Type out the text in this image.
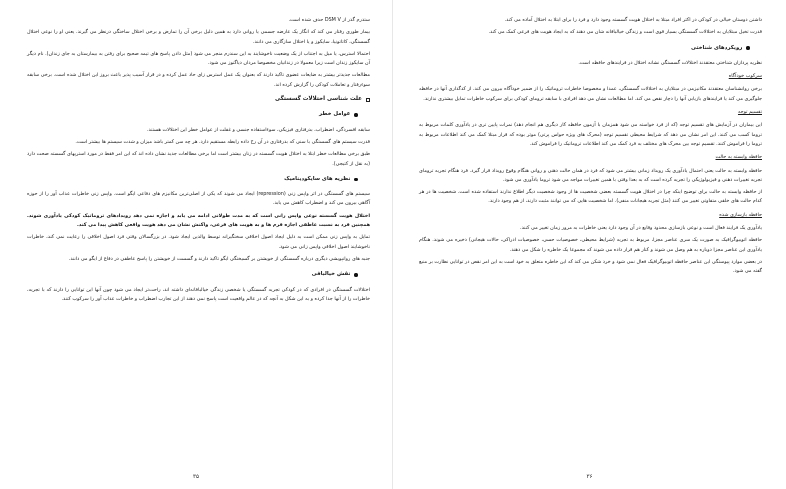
ستدرم گذر از DSM V حذف شده است.

بیمار طوری رفتار می کند که انگار یک عارضه جسمی یا روانی دارد به همین دلیل برخی آن را تمارض و برخی اختلال ساختگی درنظر می گیرند. یعنی او را نوعی اختلال گسستگی، کاتاتونیا، سایکوز و یا اختلال سازگاری می دانند.

احتمالا استرس، یا میل به اجتناب از یک وضعیت ناخوشایند به این سندرم منجر می شود (مثل دادن پاسخ های تیمه صحیح برای رفتن به بیمارستان به جای زندان). نام دیگر آن سایکوز زندان است زیرا معمولا در زندانیان مخصوصا مردان دیاگنوز می شود.

مطالعات جدیدتر بیشتر به ضایعات عضوی تاکید دارند که بعنوان یک عمل استرس زای حاد عمل کرده و در قرار آسیب پذیر باعث بروز این اختلال شده است. برخی سابقه سوءرفتار و تعاملات کودکی را گزارش کرده اند.

علت شناسی اختلالات گسستگی
عوامل خطر

سابقه افسردگی، اضطراب، بدرفتاری فیزیکی، سوءاستفاده جنسی و غفلت از عوامل خطر این اختلالات هستند.

قدرت سیستم های گسستگی با سنی که بدرفتاری در آن رخ داده رابطه مستقیم دارد. هر چه سن کمتر باشد میزان و شدت سیستم ها بیشتر است.

طبق برخی مطالعات خطر ابتلا به اختلال هویت گسسته در زنان بیشتر است اما برخی مطالعات جدید نشان داده اند که این امر فقط در مورد استرپهای گسسته صحت دارد (به نقل از کتیجی).

نظریه های سایکودینامیک

سیستم های گسستگی در اثر واپس زنی (repression) ایجاد می شوند که یکی از اصلی‌ترین مکانیزم های دفاعی ایگو است. واپس زنی خاطرات عذاب آور را از حوزه آگاهی بیرون می کند و اضطراب کاهش می یابد.

اختلال هویت گسسته نوعی واپس رانی است که به مدت طولانی ادامه می یابد و اجازه نمی دهد رویدادهای تروماتیک کودکی یادآوری شوند. همچنین فرد به نسبت عاطفی اجازه فرم ها و به هویت های فرعی، واکنش نشان می دهد هویت واقعی کاهش پیدا می کند.

تمایل به واپس زنی ممکن است به دلیل ایجاد اصول اخلاقی سختگیرانه توسط والدین ایجاد شود. در بزرگسالان وقتی فرد اصول اخلاقی را رعایت نمی کند، خاطرات ناخوشایند اصول اخلاقی واپس زانی می شود.

جنبه های روانپویشی دیگری درباره گسستگی از خویشتن بر گسیختگی ایگو تاکید دارند و گسست از خویشتن را پاسخ عاطفی در دفاع از ایگو می دانند.

نقش خیالبافی

اختلالات گسستگی در افرادی که در کودکی تجربه گسستگی یا شخصی زندگی خیالبافانه‌ای داشته اند، راحت‌تر ایجاد می شود چون آنها این توانایی را دارند که با تجربه، خاطرات را از آنها جدا کرده و به این شکل به آنچه که در عالم واقعیت است پاسخ نمی دهند از این تجارب اضطراب و خاطرات عذاب آور را سرکوب کنند.

۳۵

داشتن دوستان خیالی در کودکی در اکثر افراد مبتلا به اختلال هویت گسسته وجود دارد و فرد را برای ابتلا به اختلال آماده می کند.

قدرت تخیل مبتلایان به اختلالات گسستگی بسیار قوی است و زندگی خیالبافانه شان می دهند که به ایجاد هویت های فرعی کمک می کند.

رویکردهای شناختی

نظریه پردازان شناختی معتقدند اختلالات گسستگی نشانه اختلال در فرایندهای حافظه است.

سرکوب خودآگاه

برخی روانشناسان معتقدند مکانیزمی در مبتلایان به اختلالات گسستگی، عمدا و مخصوصا خاطرات تروماتیک را از ضمیر خودآگاه بیرون می کند. از کدگذاری آنها در حافظه جلوگیری می کند یا فرایندهای بازیابی آنها را دچار نقص می کند. اما مطالعات نشان می دهد افرادی با سابقه ترومای کودکی برای سرکوب خاطرات تمایل بیشتری ندارند.

تقسیم توجه

این بیماران در آزمایش های تقسیم توجه (که از فرد خواسته می شود همزمان با آزمون حافظه کار دیگری هم انجام دهد) نمرات پایین تری در یادآوری کلمات مربوط به تروما کسب می کنند. این امر نشان می دهد که شرایط محیطی تقسیم توجه (محرک های ویژه حواس پرتی) موثر بوده که قرار مبتلا کمک می کند اطلاعات مربوط به تروما را فراموش کنند. تقسیم توجه بین محرک های مختلف به فرد کمک می کند اطلاعات تروماتیک را فراموش کند.

حافظه وابسته به حالت

حافظه وابسته به حالت یعنی احتمال یادآوری یک رویداد زمانی بیشتر می شود که فرد در همان حالت ذهنی و روانی هنگام وقوع رویداد قرار گیرد. فرد هنگام تجربه ترومای تجربه تغییرات ذهنی و فیزیولوژیکی را تجربه کرده است که به بعدا وقتی با همین تغییرات مواجه می شود تروما یادآوری می شود.

از حافظه وابسته به حالت برای توضیح اینکه چرا در اختلال هویت گسسته بعضی شخصیت ها از وجود شخصیت دیگر اطلاع ندارند استفاده شده است. شخصیت ها در هر کدام حالت های خلقی متفاوتی تغییر می کنند (مثل تجربه هیجانات منفی). اما شخصیت هایی که می توانند مثبت دارند، از هم وجود دارند.

حافظه بازسازی شده

یادآوری یک فرایند فعال است و نوعی بازسازی محدود وقایع در آن وجود دارد یعنی خاطرات به مرور زمان تغییر می کنند.

حافظه اتوبیوگرافیک به صورت یک سری عناصر مجزا، مربوط به تجربه (شرایط محیطی، خصوصیات حسی، خصوصیات ادراکی، حالات هیجانی) ذخیره می شوند. هنگام یادآوری این عناصر مجزا دوباره به هم وصل می شوند و کنار هم قرار داده می شوند که مجموعا یک خاطره را شکل می دهند.

در بعضی موارد پیوستگی این عناصر حافظه اتوبیوگرافیک فعال نمی شود و خرد شکن می کند که این خاطره متعلق به خود است به این امر نقص در توانایی نظارت بر منبع گفته می شود.

۳۶
